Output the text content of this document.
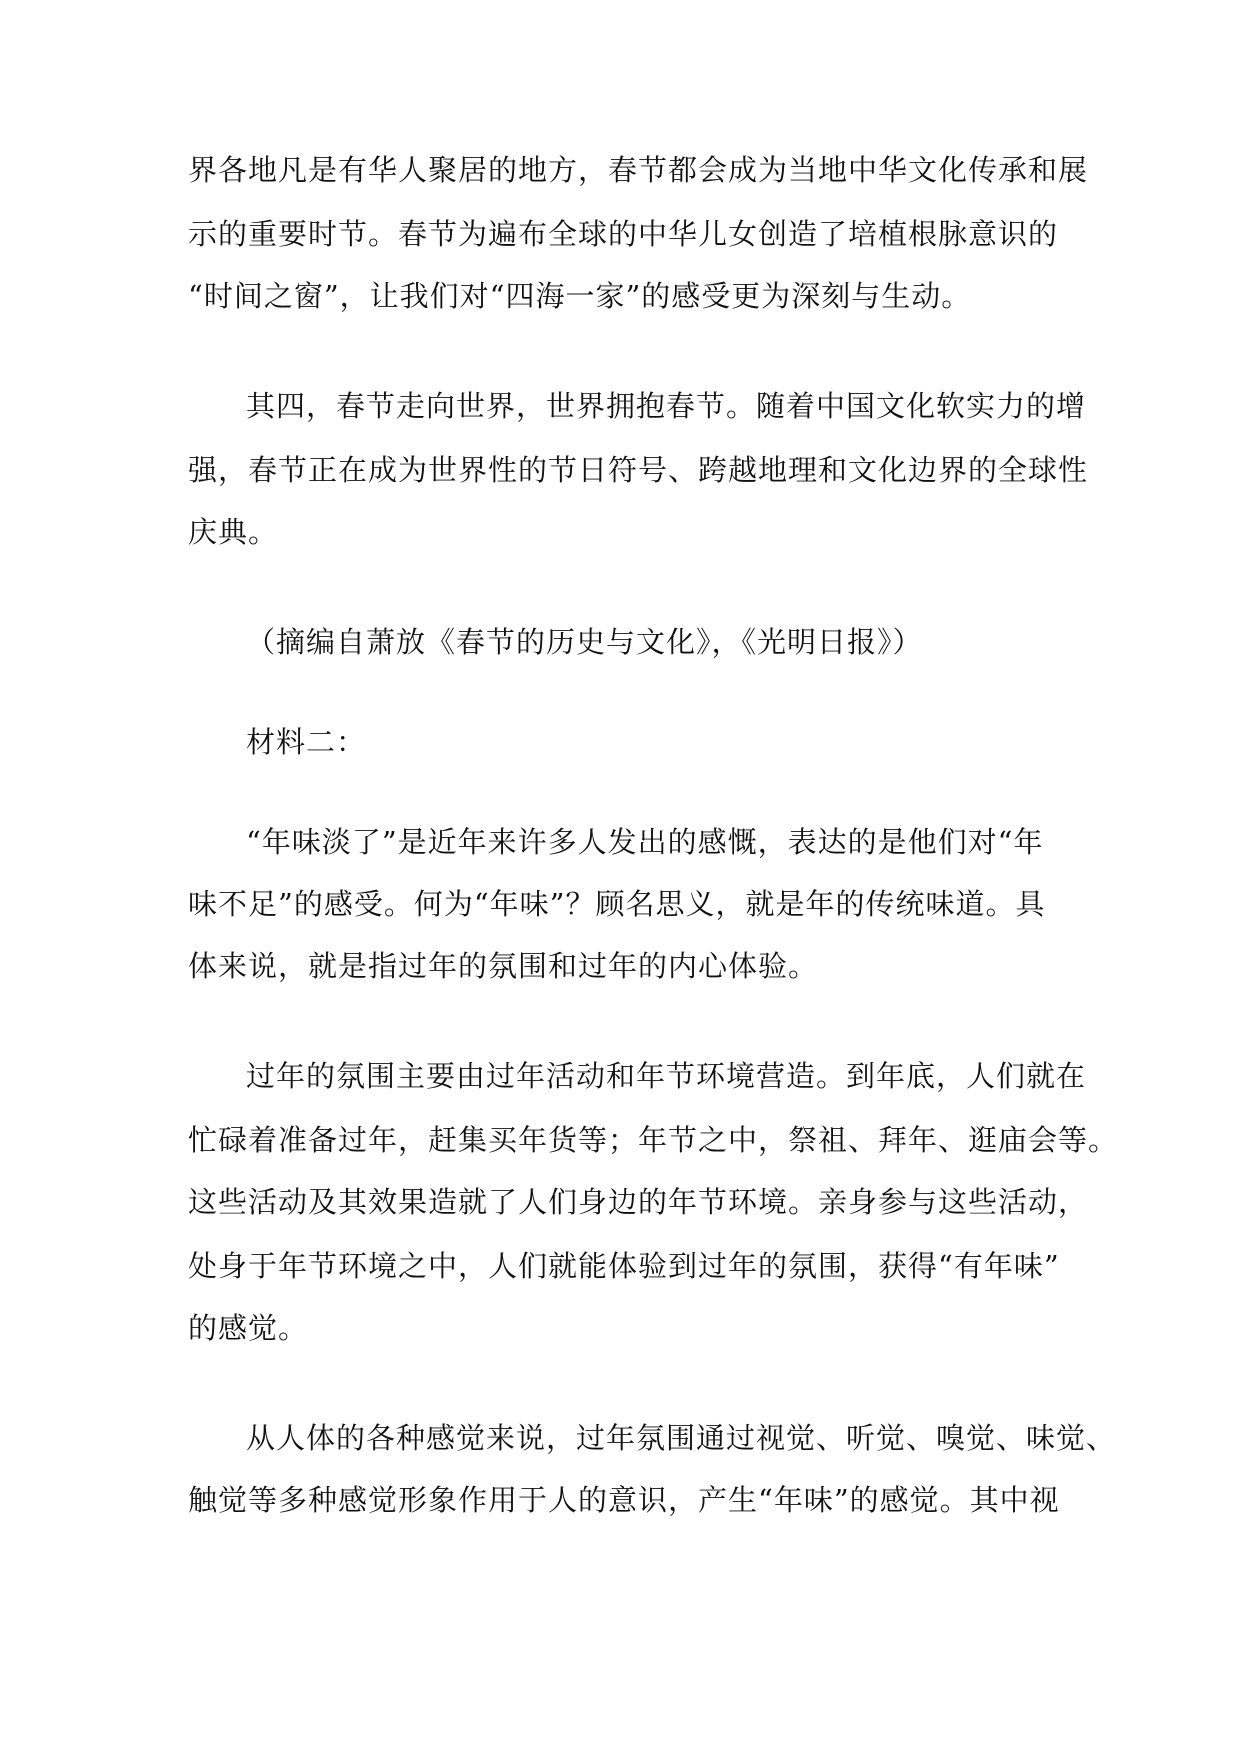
界各地凡是有华人聚居的地方，春节都会成为当地中华文化传承和展
示的重要时节。春节为遍布全球的中华儿女创造了培植根脉意识的
“时间之窗”，让我们对“四海一家”的感受更为深刻与生动。
其四，春节走向世界，世界拥抱春节。随着中国文化软实力的增
强，春节正在成为世界性的节日符号、跨越地理和文化边界的全球性
庆典。
（摘编自萧放《春节的历史与文化》，《光明日报》）
材料二：
“年味淡了”是近年来许多人发出的感慨，表达的是他们对“年
味不足”的感受。何为“年味”？顾名思义，就是年的传统味道。具
体来说，就是指过年的氛围和过年的内心体验。
过年的氛围主要由过年活动和年节环境营造。到年底，人们就在
忙碌着准备过年，赶集买年货等；年节之中，祭祖、拜年、逛庙会等。
这些活动及其效果造就了人们身边的年节环境。亲身参与这些活动，
处身于年节环境之中，人们就能体验到过年的氛围，获得“有年味”
的感觉。
从人体的各种感觉来说，过年氛围通过视觉、听觉、嗅觉、味觉、
触觉等多种感觉形象作用于人的意识，产生“年味”的感觉。其中视
